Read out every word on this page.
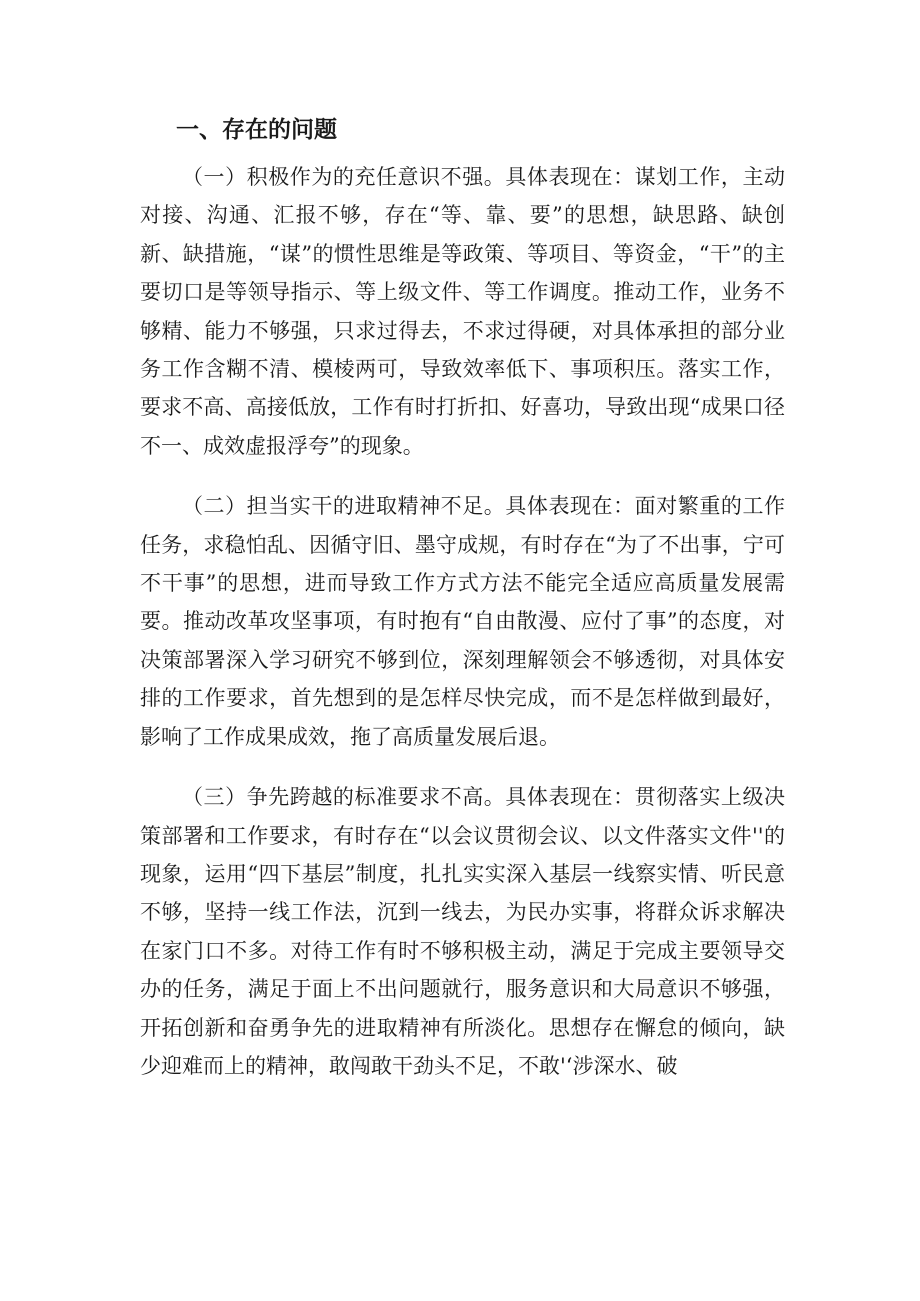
一、存在的问题

（一）积极作为的充任意识不强。具体表现在：谋划工作，主动对接、沟通、汇报不够，存在“等、靠、要”的思想，缺思路、缺创新、缺措施，“谋”的惯性思维是等政策、等项目、等资金，“干”的主要切口是等领导指示、等上级文件、等工作调度。推动工作，业务不够精、能力不够强，只求过得去，不求过得硬，对具体承担的部分业务工作含糊不清、模棱两可，导致效率低下、事项积压。落实工作，要求不高、高接低放，工作有时打折扣、好喜功，导致出现“成果口径不一、成效虚报浮夸”的现象。

（二）担当实干的进取精神不足。具体表现在：面对繁重的工作任务，求稳怕乱、因循守旧、墨守成规，有时存在“为了不出事，宁可不干事”的思想，进而导致工作方式方法不能完全适应高质量发展需要。推动改革攻坚事项，有时抱有“自由散漫、应付了事”的态度，对决策部署深入学习研究不够到位，深刻理解领会不够透彻，对具体安排的工作要求，首先想到的是怎样尽快完成，而不是怎样做到最好，影响了工作成果成效，拖了高质量发展后退。

（三）争先跨越的标准要求不高。具体表现在：贯彻落实上级决策部署和工作要求，有时存在“以会议贯彻会议、以文件落实文件''的现象，运用“四下基层”制度，扎扎实实深入基层一线察实情、听民意不够，坚持一线工作法，沉到一线去，为民办实事，将群众诉求解决在家门口不多。对待工作有时不够积极主动，满足于完成主要领导交办的任务，满足于面上不出问题就行，服务意识和大局意识不够强，开拓创新和奋勇争先的进取精神有所淡化。思想存在懈怠的倾向，缺少迎难而上的精神，敢闯敢干劲头不足，不敢'‘涉深水、破
